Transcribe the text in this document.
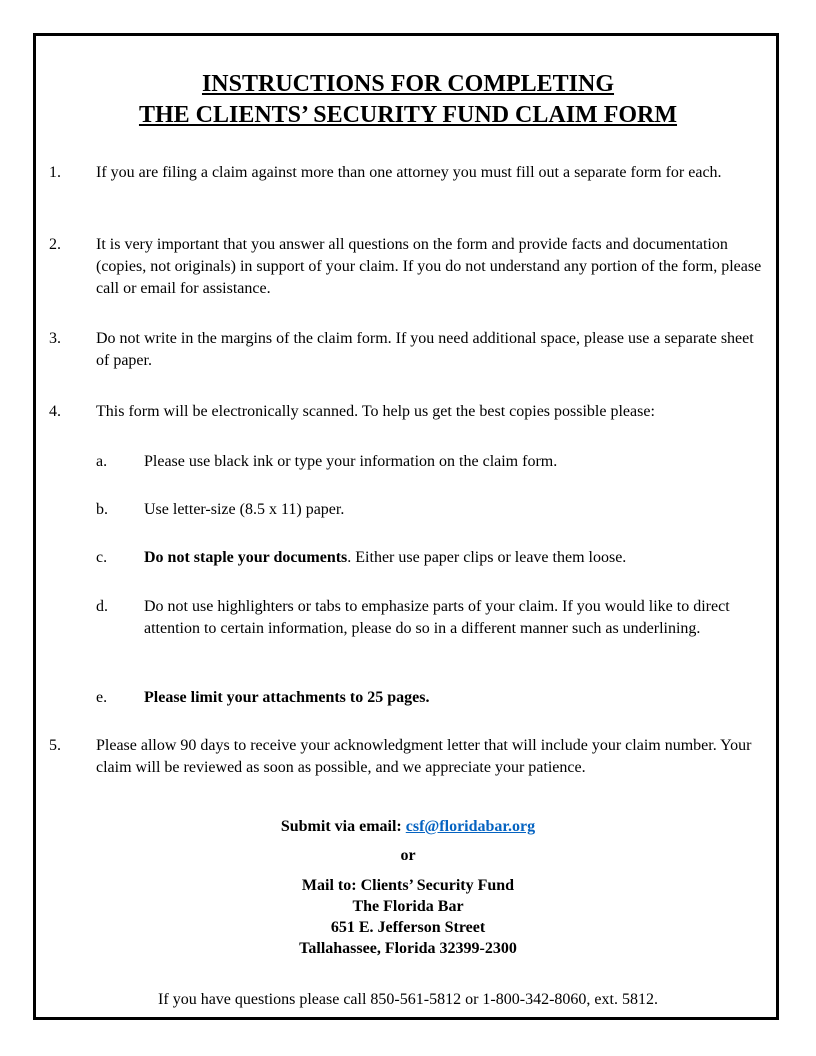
INSTRUCTIONS FOR COMPLETING
THE CLIENTS’ SECURITY FUND CLAIM FORM
1. If you are filing a claim against more than one attorney you must fill out a separate form for each.
2. It is very important that you answer all questions on the form and provide facts and documentation (copies, not originals) in support of your claim. If you do not understand any portion of the form, please call or email for assistance.
3. Do not write in the margins of the claim form. If you need additional space, please use a separate sheet of paper.
4. This form will be electronically scanned. To help us get the best copies possible please:
a. Please use black ink or type your information on the claim form.
b. Use letter-size (8.5 x 11) paper.
c. Do not staple your documents. Either use paper clips or leave them loose.
d. Do not use highlighters or tabs to emphasize parts of your claim. If you would like to direct attention to certain information, please do so in a different manner such as underlining.
e. Please limit your attachments to 25 pages.
5. Please allow 90 days to receive your acknowledgment letter that will include your claim number. Your claim will be reviewed as soon as possible, and we appreciate your patience.
Submit via email: csf@floridabar.org
or
Mail to: Clients’ Security Fund
The Florida Bar
651 E. Jefferson Street
Tallahassee, Florida 32399-2300
If you have questions please call 850-561-5812 or 1-800-342-8060, ext. 5812.
